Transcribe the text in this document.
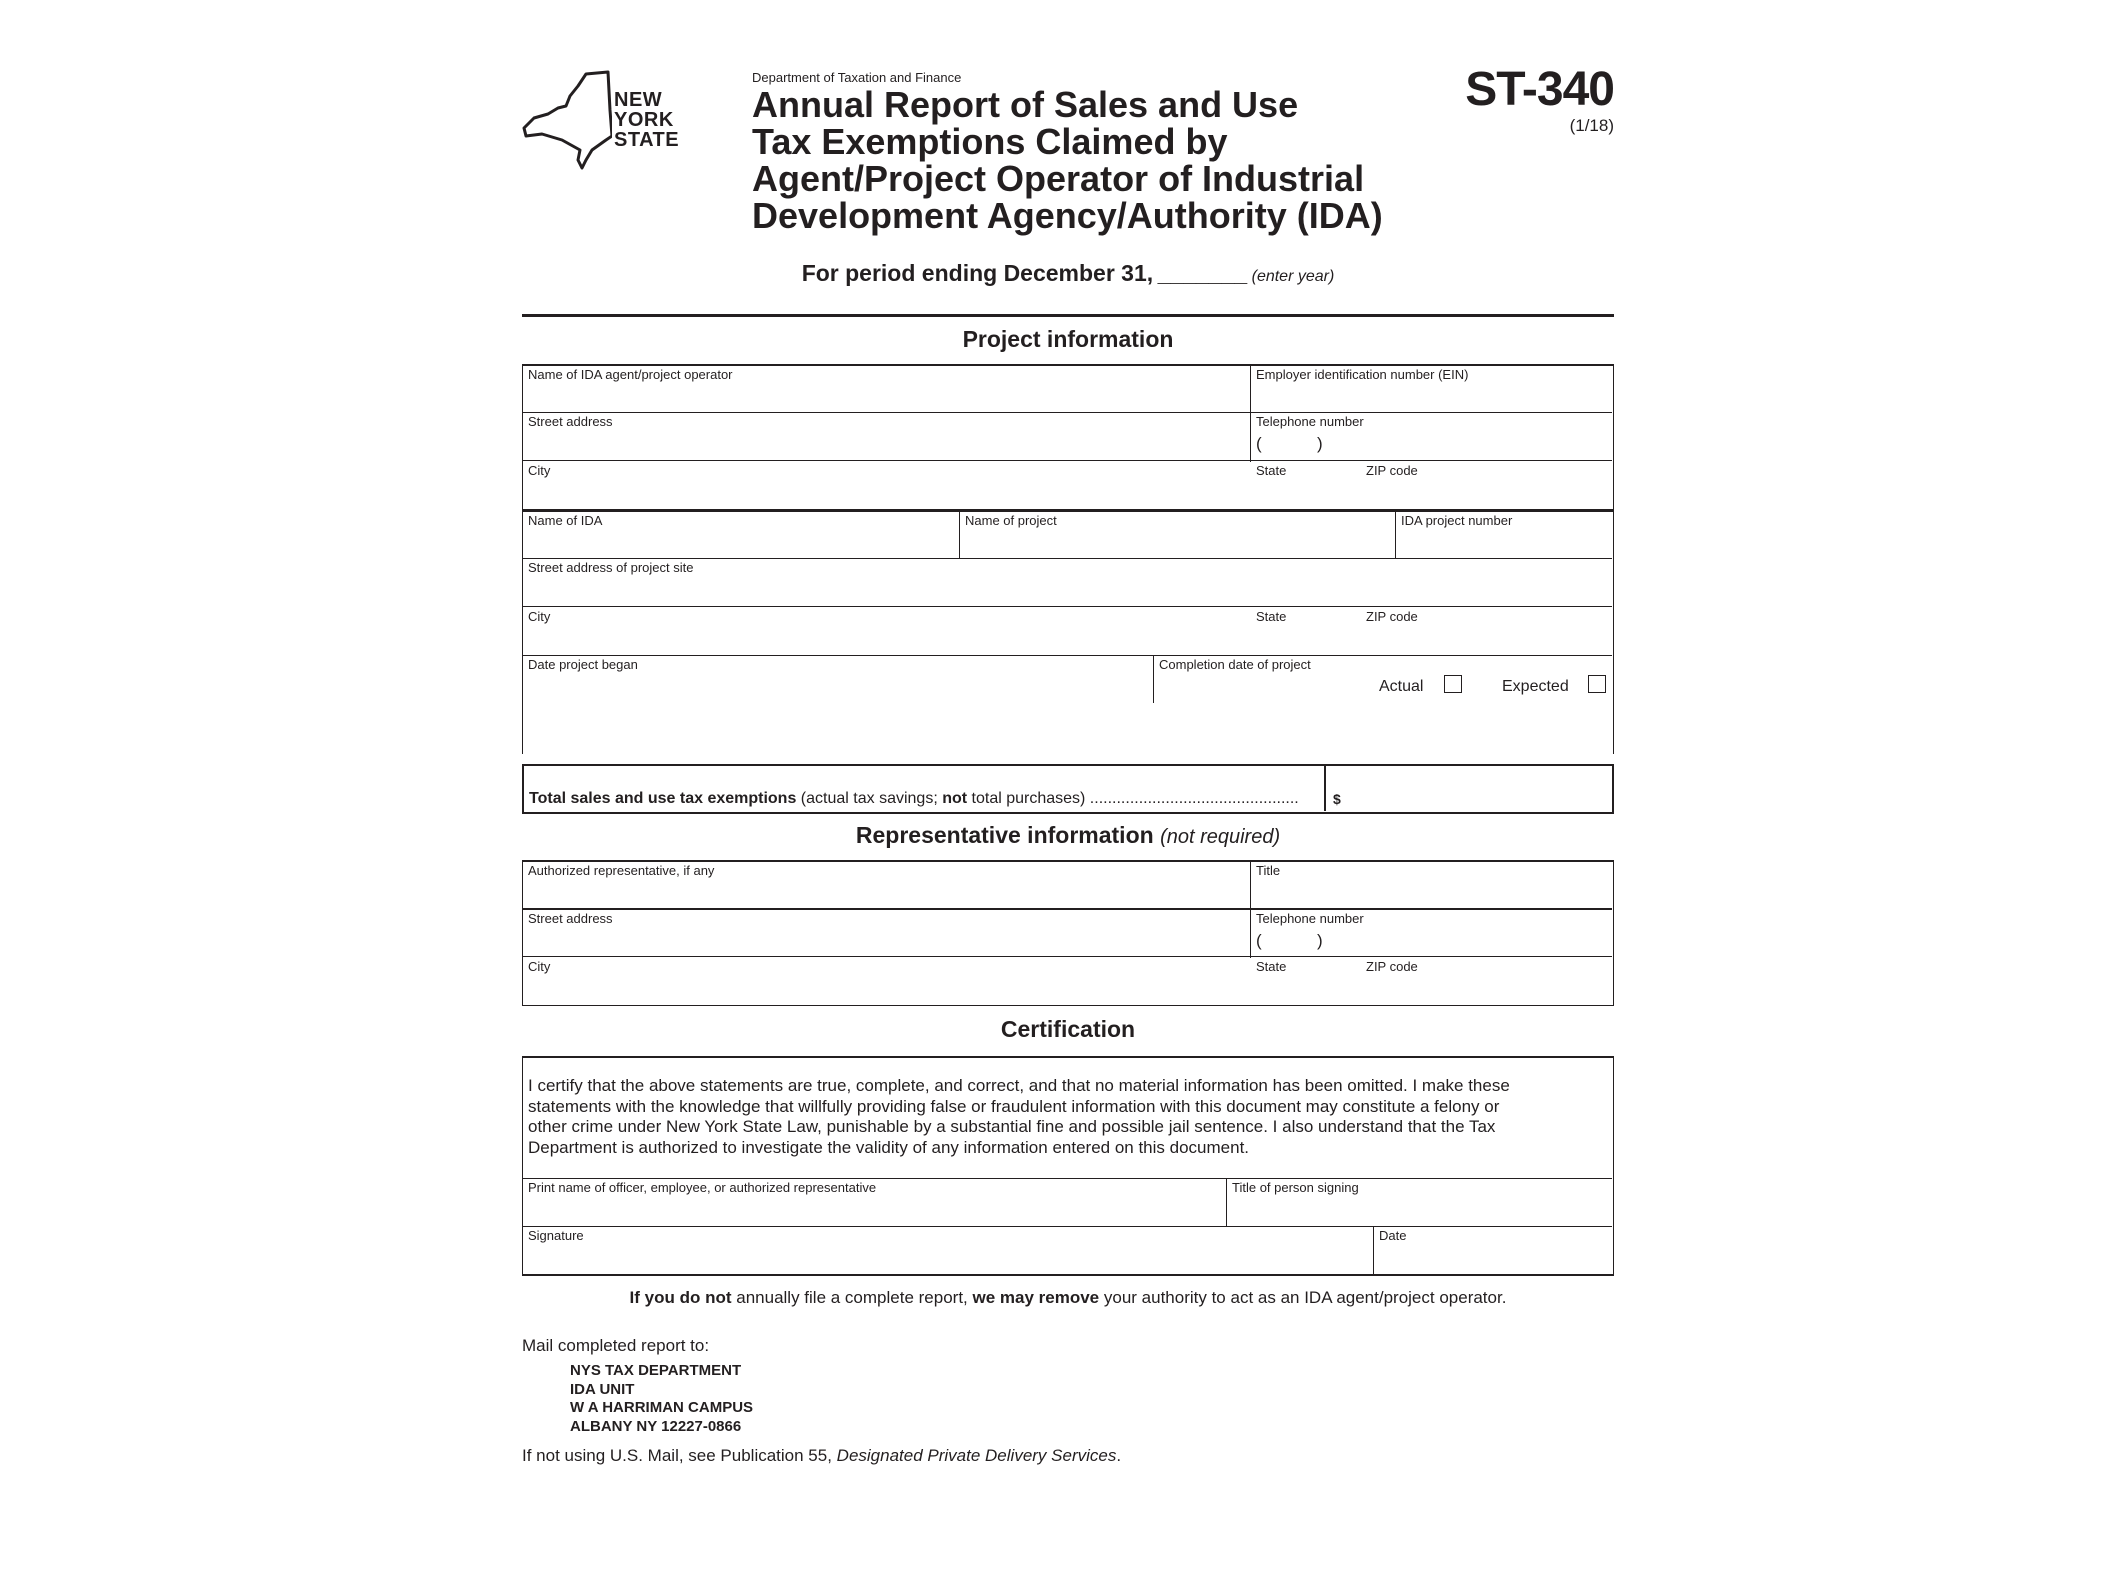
NEW
YORK
STATE
Department of Taxation and Finance
Annual Report of Sales and Use
Tax Exemptions Claimed by
Agent/Project Operator of Industrial
Development Agency/Authority (IDA)
ST-340
(1/18)
For period ending December 31, _______ (enter year)
Project information
Name of IDA agent/project operator	Employer identification number (EIN)
Street address	Telephone number
(	)
City	State	ZIP code
Name of IDA	Name of project	IDA project number
Street address of project site
City	State	ZIP code
Date project began	Completion date of project
Actual	Expected
Total sales and use tax exemptions (actual tax savings; not total purchases) ............................................... $
Representative information (not required)
Authorized representative, if any	Title
Street address	Telephone number
(	)
City	State	ZIP code
Certification
I certify that the above statements are true, complete, and correct, and that no material information has been omitted. I make these
statements with the knowledge that willfully providing false or fraudulent information with this document may constitute a felony or
other crime under New York State Law, punishable by a substantial fine and possible jail sentence. I also understand that the Tax
Department is authorized to investigate the validity of any information entered on this document.
Print name of officer, employee, or authorized representative	Title of person signing
Signature	Date
If you do not annually file a complete report, we may remove your authority to act as an IDA agent/project operator.
Mail completed report to:
NYS TAX DEPARTMENT
IDA UNIT
W A HARRIMAN CAMPUS
ALBANY NY 12227-0866
If not using U.S. Mail, see Publication 55, Designated Private Delivery Services.
